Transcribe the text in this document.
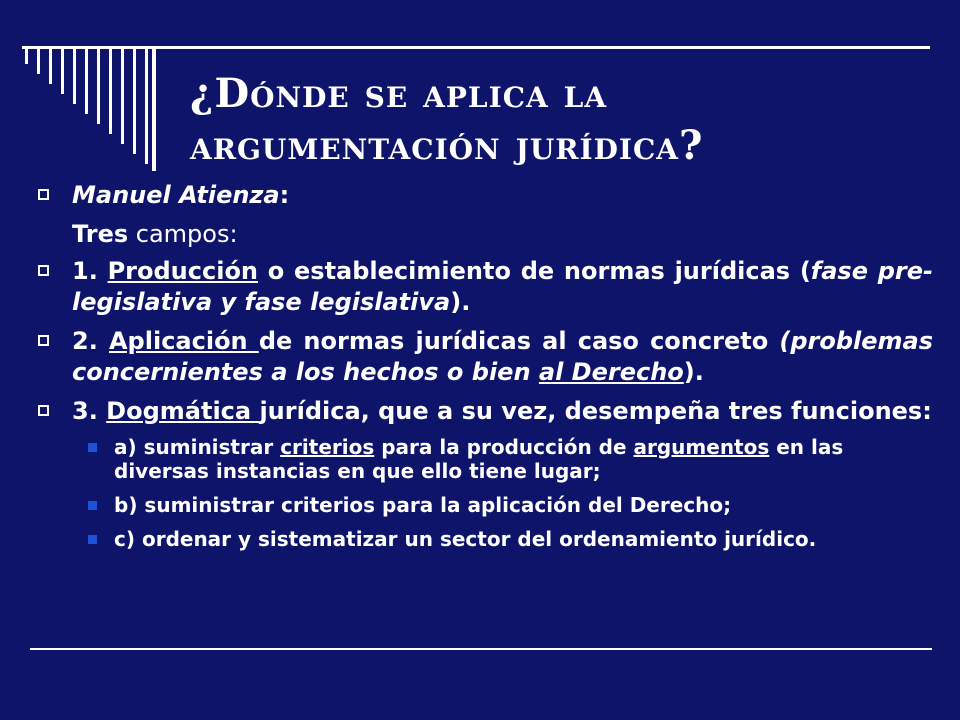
¿Dónde se aplica la
argumentación jurídica?
Manuel Atienza:
Tres campos:
1. Producción o establecimiento de normas jurídicas (fase pre-legislativa y fase legislativa).
2. Aplicación de normas jurídicas al caso concreto (problemas concernientes a los hechos o bien al Derecho).
3. Dogmática jurídica, que a su vez, desempeña tres funciones:
a) suministrar criterios para la producción de argumentos en las diversas instancias en que ello tiene lugar;
b) suministrar criterios para la aplicación del Derecho;
c) ordenar y sistematizar un sector del ordenamiento jurídico.
